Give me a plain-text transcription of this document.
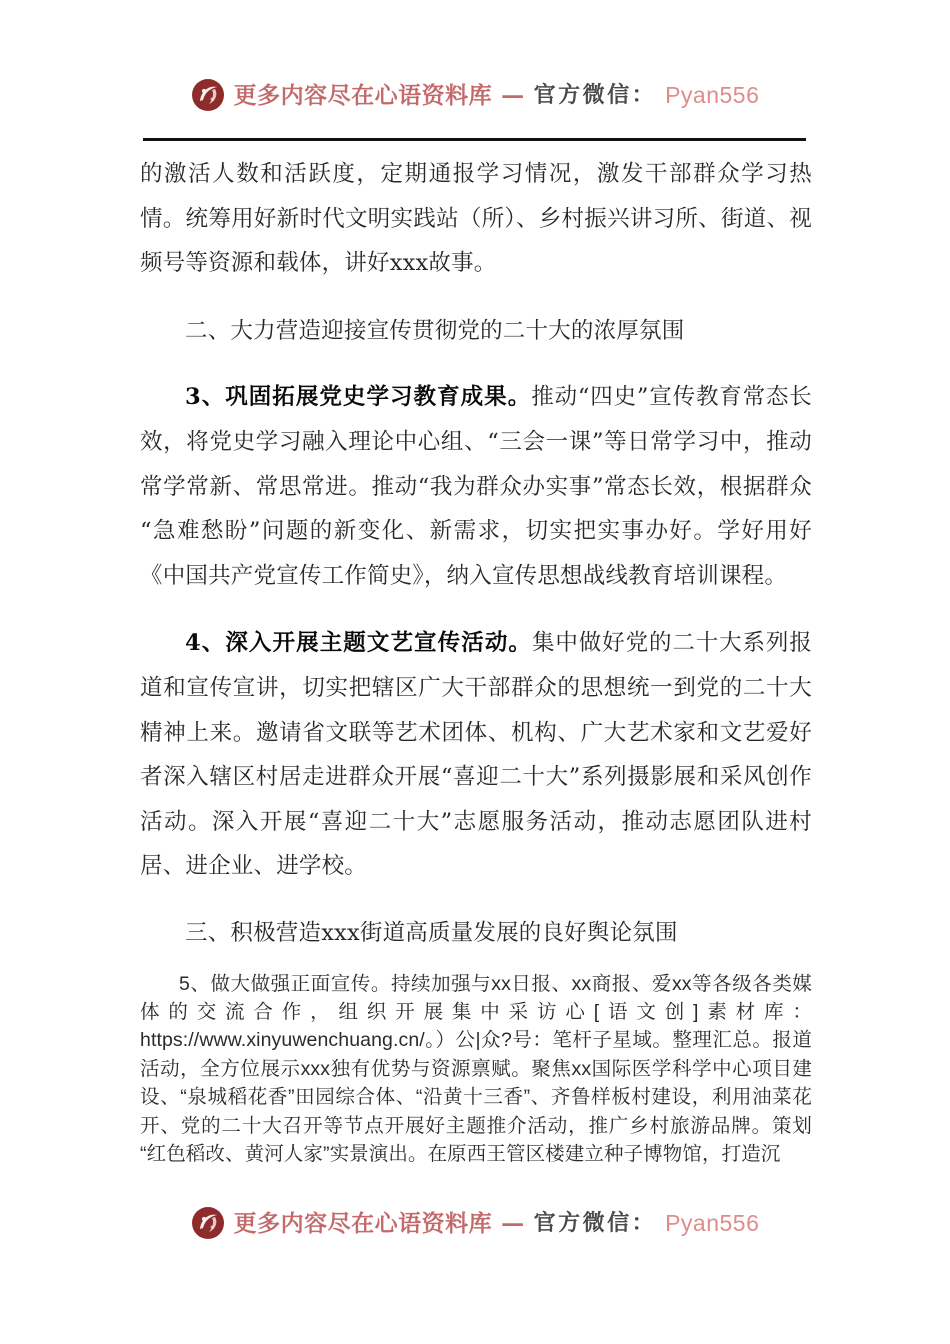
更多内容尽在心语资料库 — 官方微信： Pyan556

的激活人数和活跃度，定期通报学习情况，激发干部群众学习热情。统筹用好新时代文明实践站（所）、乡村振兴讲习所、街道、视频号等资源和载体，讲好xxx故事。

二、大力营造迎接宣传贯彻党的二十大的浓厚氛围

3、巩固拓展党史学习教育成果。推动“四史”宣传教育常态长效，将党史学习融入理论中心组、“三会一课”等日常学习中，推动常学常新、常思常进。推动“我为群众办实事”常态长效，根据群众“急难愁盼”问题的新变化、新需求，切实把实事办好。学好用好《中国共产党宣传工作简史》，纳入宣传思想战线教育培训课程。

4、深入开展主题文艺宣传活动。集中做好党的二十大系列报道和宣传宣讲，切实把辖区广大干部群众的思想统一到党的二十大精神上来。邀请省文联等艺术团体、机构、广大艺术家和文艺爱好者深入辖区村居走进群众开展“喜迎二十大”系列摄影展和采风创作活动。深入开展“喜迎二十大”志愿服务活动，推动志愿团队进村居、进企业、进学校。

三、积极营造xxx街道高质量发展的良好舆论氛围

5、做大做强正面宣传。持续加强与xx日报、xx商报、爱xx等各级各类媒体的交流合作，组织开展集中采访心[语文创]素材库：https://www.xinyuwenchuang.cn/。）公|众?号：笔杆子星域。整理汇总。报道活动，全方位展示xxx独有优势与资源禀赋。聚焦xx国际医学科学中心项目建设、“泉城稻花香”田园综合体、“沿黄十三香”、齐鲁样板村建设，利用油菜花开、党的二十大召开等节点开展好主题推介活动，推广乡村旅游品牌。策划“红色稻改、黄河人家”实景演出。在原西王管区楼建立种子博物馆，打造沉

更多内容尽在心语资料库 — 官方微信： Pyan556
